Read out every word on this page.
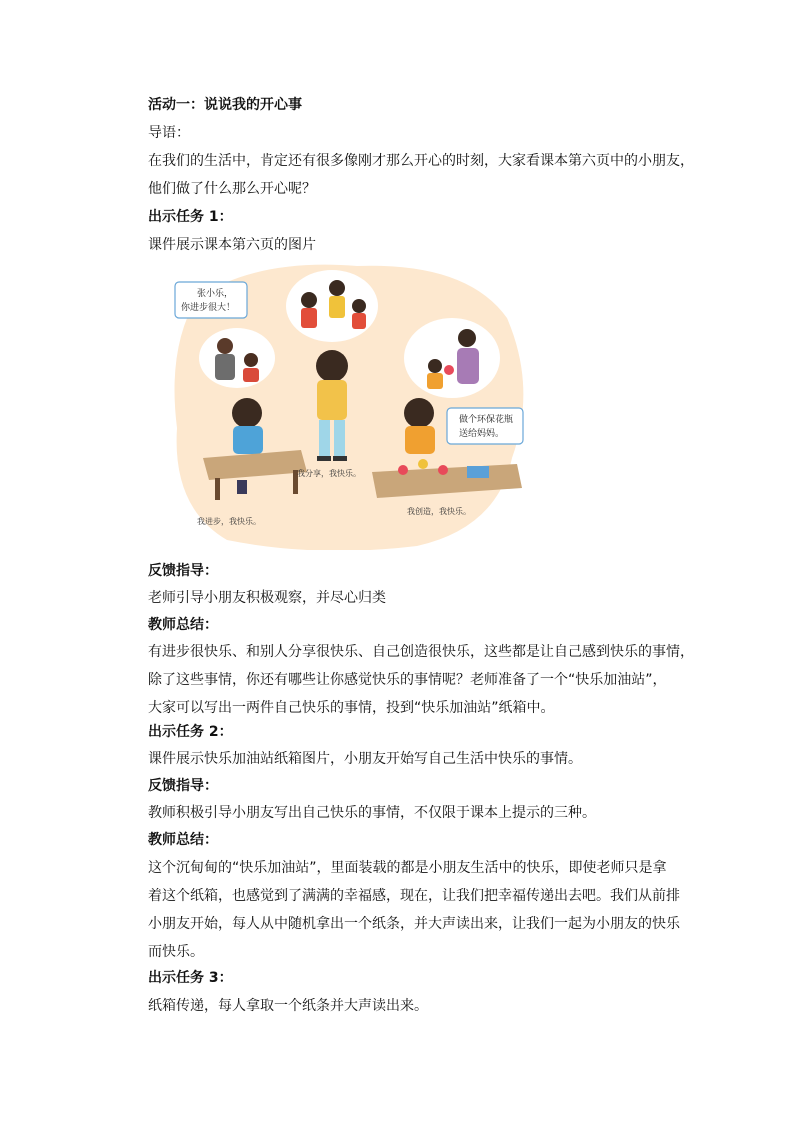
活动一：说说我的开心事
导语：
在我们的生活中，肯定还有很多像刚才那么开心的时刻，大家看课本第六页中的小朋友，
他们做了什么那么开心呢？
出示任务 1：
课件展示课本第六页的图片
张小乐，
你进步很大！
做个环保花瓶
送给妈妈。
我进步，我快乐。
我分享，我快乐。
我创造，我快乐。
反馈指导：
老师引导小朋友积极观察，并尽心归类
教师总结：
有进步很快乐、和别人分享很快乐、自己创造很快乐，这些都是让自己感到快乐的事情，
除了这些事情，你还有哪些让你感觉快乐的事情呢？老师准备了一个“快乐加油站”，
大家可以写出一两件自己快乐的事情，投到“快乐加油站”纸箱中。
出示任务 2：
课件展示快乐加油站纸箱图片，小朋友开始写自己生活中快乐的事情。
反馈指导：
教师积极引导小朋友写出自己快乐的事情，不仅限于课本上提示的三种。
教师总结：
这个沉甸甸的“快乐加油站”，里面装载的都是小朋友生活中的快乐，即使老师只是拿
着这个纸箱，也感觉到了满满的幸福感，现在，让我们把幸福传递出去吧。我们从前排
小朋友开始，每人从中随机拿出一个纸条，并大声读出来，让我们一起为小朋友的快乐
而快乐。
出示任务 3：
纸箱传递，每人拿取一个纸条并大声读出来。
